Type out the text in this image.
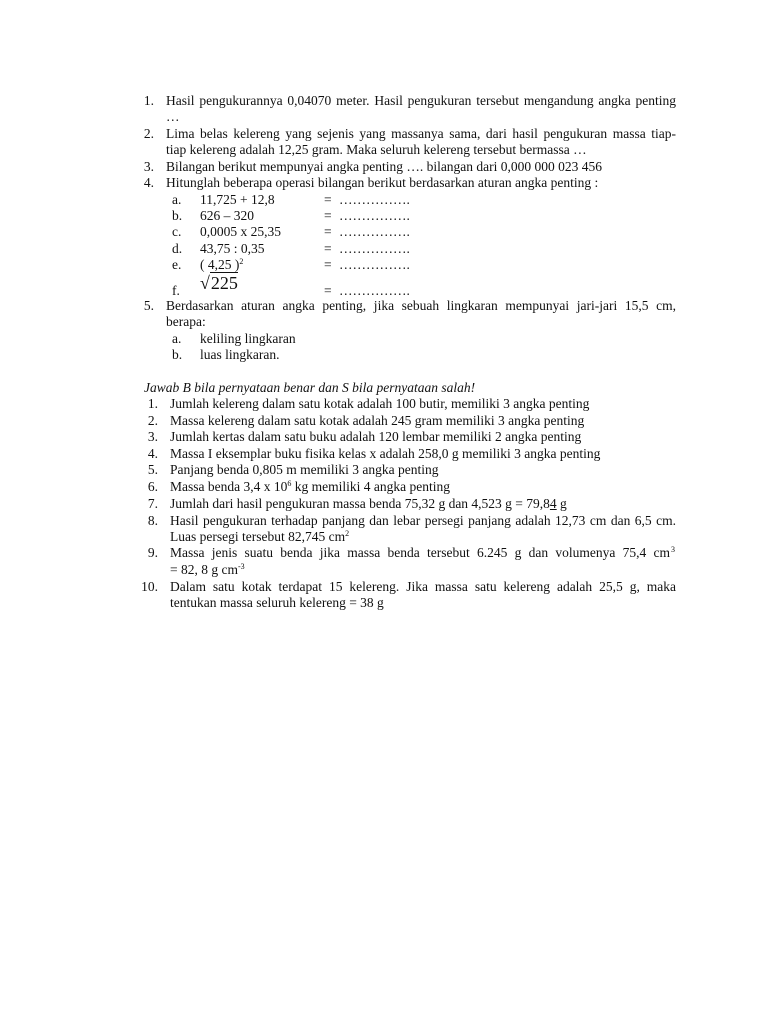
1. Hasil pengukurannya 0,04070 meter. Hasil pengukuran tersebut mengandung angka penting
…
2. Lima belas kelereng yang sejenis yang massanya sama, dari hasil pengukuran massa tiap-
tiap kelereng adalah 12,25 gram. Maka seluruh kelereng tersebut bermassa …
3. Bilangan berikut mempunyai angka penting …. bilangan dari 0,000 000 023 456
4. Hitunglah beberapa operasi bilangan berikut berdasarkan aturan angka penting :
a. 11,725 + 12,8	= …………….
b. 626 – 320	= …………….
c. 0,0005 x 25,35	= …………….
d. 43,75 : 0,35	= …………….
e. ( 4,25 )$^2$	= …………….
f. √225	= …………….
5. Berdasarkan aturan angka penting, jika sebuah lingkaran mempunyai jari-jari 15,5 cm,
berapa:
a. keliling lingkaran
b. luas lingkaran.
Jawab B bila pernyataan benar dan S bila pernyataan salah!
1. Jumlah kelereng dalam satu kotak adalah 100 butir, memiliki 3 angka penting
2. Massa kelereng dalam satu kotak adalah 245 gram memiliki 3 angka penting
3. Jumlah kertas dalam satu buku adalah 120 lembar memiliki 2 angka penting
4. Massa I eksemplar buku fisika kelas x adalah 258,0 g memiliki 3 angka penting
5. Panjang benda 0,805 m memiliki 3 angka penting
6. Massa benda 3,4 x $10^6$ kg memiliki 4 angka penting
7. Jumlah dari hasil pengukuran massa benda 75,32 g dan 4,523 g = 79,84 g
8. Hasil pengukuran terhadap panjang dan lebar persegi panjang adalah 12,73 cm dan 6,5 cm.
Luas persegi tersebut 82,745 $cm^2$
9. Massa jenis suatu benda jika massa benda tersebut 6.245 g dan volumenya 75,4 cm 3
= 82, 8 g $cm^{-3}$
10. Dalam satu kotak terdapat 15 kelereng. Jika massa satu kelereng adalah 25,5 g, maka
tentukan massa seluruh kelereng = 38 g
